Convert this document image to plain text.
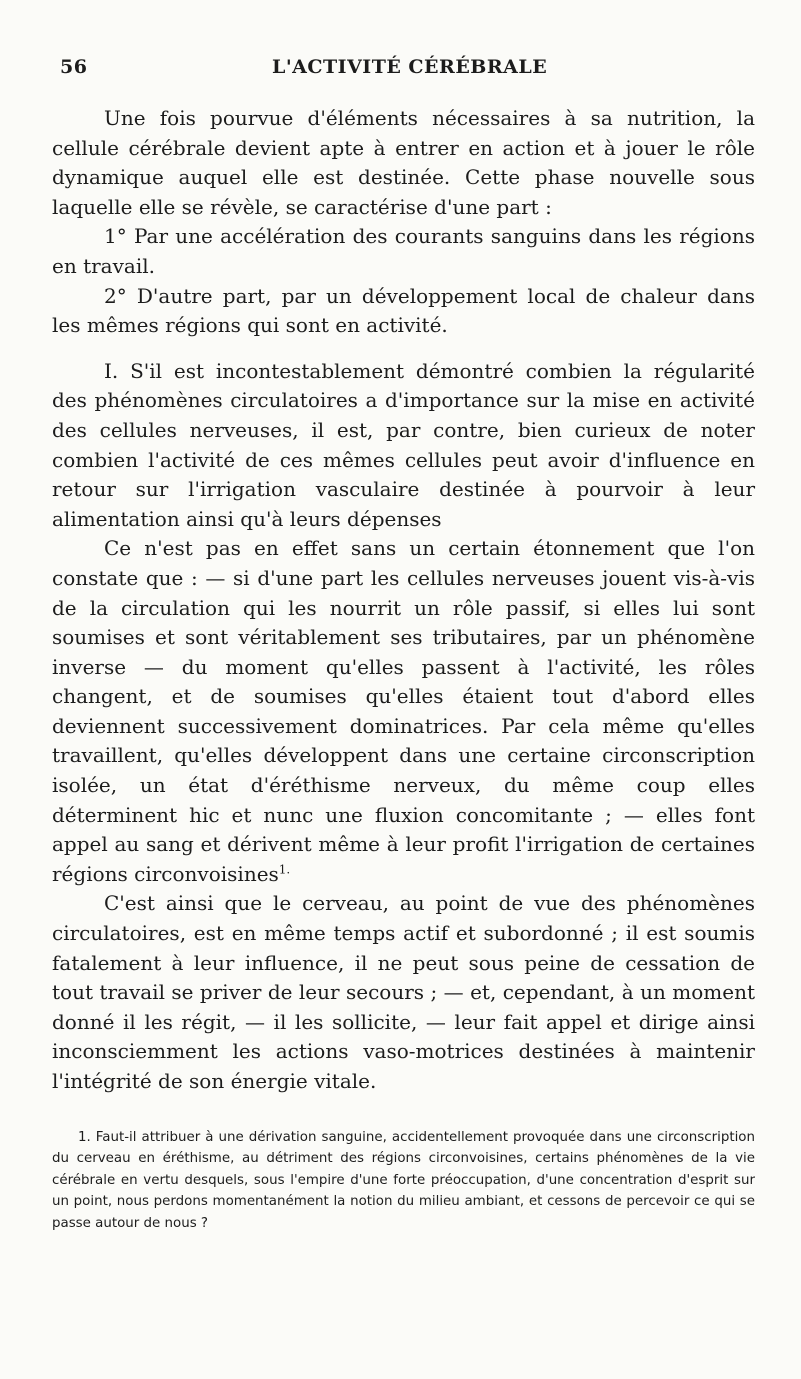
56	L'ACTIVITÉ CÉRÉBRALE

Une fois pourvue d'éléments nécessaires à sa nutrition, la cellule cérébrale devient apte à entrer en action et à jouer le rôle dynamique auquel elle est destinée. Cette phase nouvelle sous laquelle elle se révèle, se caractérise d'une part :

1° Par une accélération des courants sanguins dans les régions en travail.

2° D'autre part, par un développement local de chaleur dans les mêmes régions qui sont en activité.

I. S'il est incontestablement démontré combien la régularité des phénomènes circulatoires a d'importance sur la mise en activité des cellules nerveuses, il est, par contre, bien curieux de noter combien l'activité de ces mêmes cellules peut avoir d'influence en retour sur l'irrigation vasculaire destinée à pourvoir à leur alimentation ainsi qu'à leurs dépenses

Ce n'est pas en effet sans un certain étonnement que l'on constate que : — si d'une part les cellules nerveuses jouent vis-à-vis de la circulation qui les nourrit un rôle passif, si elles lui sont soumises et sont véritablement ses tributaires, par un phénomène inverse — du moment qu'elles passent à l'activité, les rôles changent, et de soumises qu'elles étaient tout d'abord elles deviennent successivement dominatrices. Par cela même qu'elles travaillent, qu'elles développent dans une certaine circonscription isolée, un état d'éréthisme nerveux, du même coup elles déterminent hic et nunc une fluxion concomitante ; — elles font appel au sang et dérivent même à leur profit l'irrigation de certaines régions circonvoisines$^{1.}$

C'est ainsi que le cerveau, au point de vue des phénomènes circulatoires, est en même temps actif et subordonné ; il est soumis fatalement à leur influence, il ne peut sous peine de cessation de tout travail se priver de leur secours ; — et, cependant, à un moment donné il les régit, — il les sollicite, — leur fait appel et dirige ainsi inconsciemment les actions vaso-motrices destinées à maintenir l'intégrité de son énergie vitale.

1. Faut-il attribuer à une dérivation sanguine, accidentellement provoquée dans une circonscription du cerveau en éréthisme, au détriment des régions circonvoisines, certains phénomènes de la vie cérébrale en vertu desquels, sous l'empire d'une forte préoccupation, d'une concentration d'esprit sur un point, nous perdons momentanément la notion du milieu ambiant, et cessons de percevoir ce qui se passe autour de nous ?
